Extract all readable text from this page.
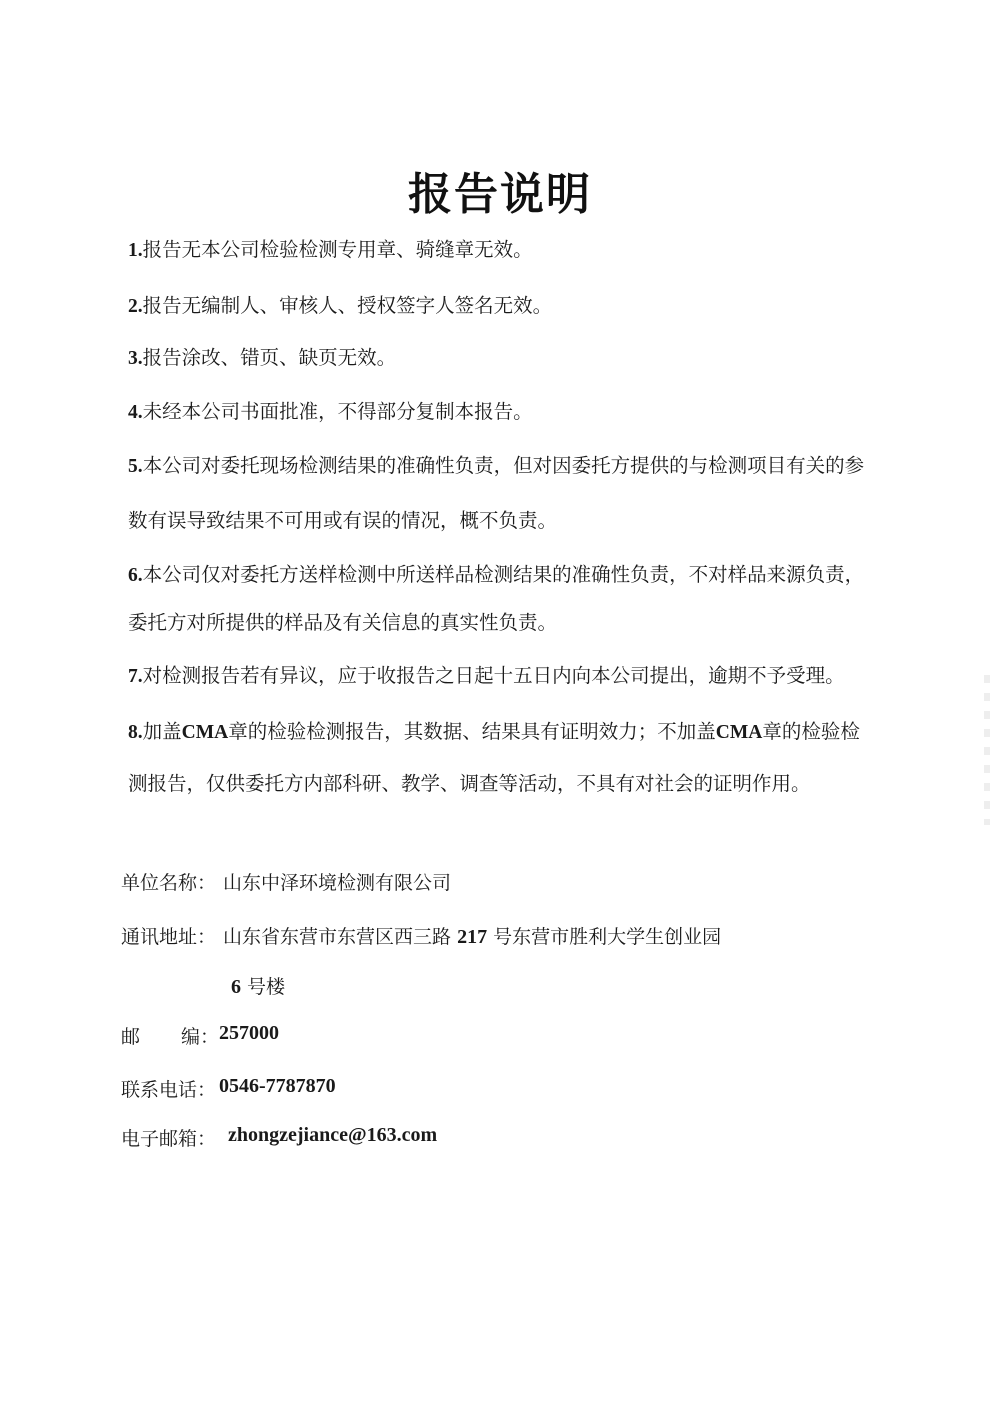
报告说明
1.报告无本公司检验检测专用章、骑缝章无效。
2.报告无编制人、审核人、授权签字人签名无效。
3.报告涂改、错页、缺页无效。
4.未经本公司书面批准，不得部分复制本报告。
5.本公司对委托现场检测结果的准确性负责，但对因委托方提供的与检测项目有关的参
数有误导致结果不可用或有误的情况，概不负责。
6.本公司仅对委托方送样检测中所送样品检测结果的准确性负责，不对样品来源负责，
委托方对所提供的样品及有关信息的真实性负责。
7.对检测报告若有异议，应于收报告之日起十五日内向本公司提出，逾期不予受理。
8.加盖CMA章的检验检测报告，其数据、结果具有证明效力；不加盖CMA章的检验检
测报告，仅供委托方内部科研、教学、调查等活动，不具有对社会的证明作用。
单位名称： 山东中泽环境检测有限公司
通讯地址： 山东省东营市东营区西三路 217 号东营市胜利大学生创业园
6 号楼
邮 编： 257000
联系电话： 0546-7787870
电子邮箱： zhongzejiance@163.com
